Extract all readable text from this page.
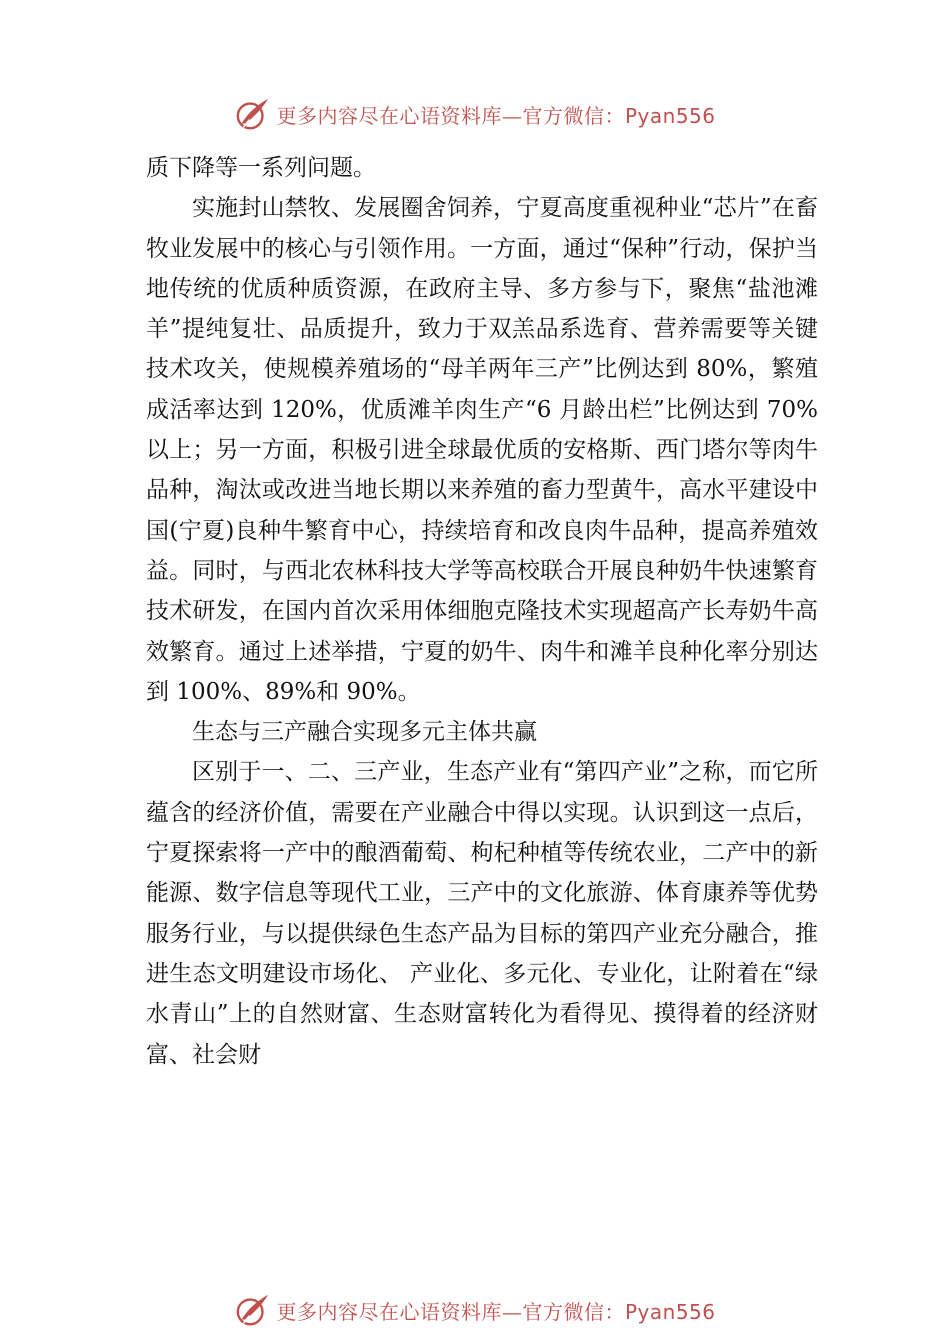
更多内容尽在心语资料库—官方微信：Pyan556

质下降等一系列问题。

实施封山禁牧、发展圈舍饲养，宁夏高度重视种业“芯片”在畜牧业发展中的核心与引领作用。一方面，通过“保种”行动，保护当地传统的优质种质资源，在政府主导、多方参与下，聚焦“盐池滩羊”提纯复壮、品质提升，致力于双羔品系选育、营养需要等关键技术攻关，使规模养殖场的“母羊两年三产”比例达到 80%，繁殖成活率达到 120%，优质滩羊肉生产“6 月龄出栏”比例达到 70%以上；另一方面，积极引进全球最优质的安格斯、西门塔尔等肉牛品种，淘汰或改进当地长期以来养殖的畜力型黄牛，高水平建设中国(宁夏)良种牛繁育中心，持续培育和改良肉牛品种，提高养殖效益。同时，与西北农林科技大学等高校联合开展良种奶牛快速繁育技术研发，在国内首次采用体细胞克隆技术实现超高产长寿奶牛高效繁育。通过上述举措，宁夏的奶牛、肉牛和滩羊良种化率分别达到 100%、89%和 90%。

生态与三产融合实现多元主体共赢

区别于一、二、三产业，生态产业有“第四产业”之称，而它所蕴含的经济价值，需要在产业融合中得以实现。认识到这一点后，宁夏探索将一产中的酿酒葡萄、枸杞种植等传统农业，二产中的新能源、数字信息等现代工业，三产中的文化旅游、体育康养等优势服务行业，与以提供绿色生态产品为目标的第四产业充分融合，推进生态文明建设市场化、 产业化、多元化、专业化，让附着在“绿水青山”上的自然财富、生态财富转化为看得见、摸得着的经济财富、社会财

更多内容尽在心语资料库—官方微信：Pyan556
